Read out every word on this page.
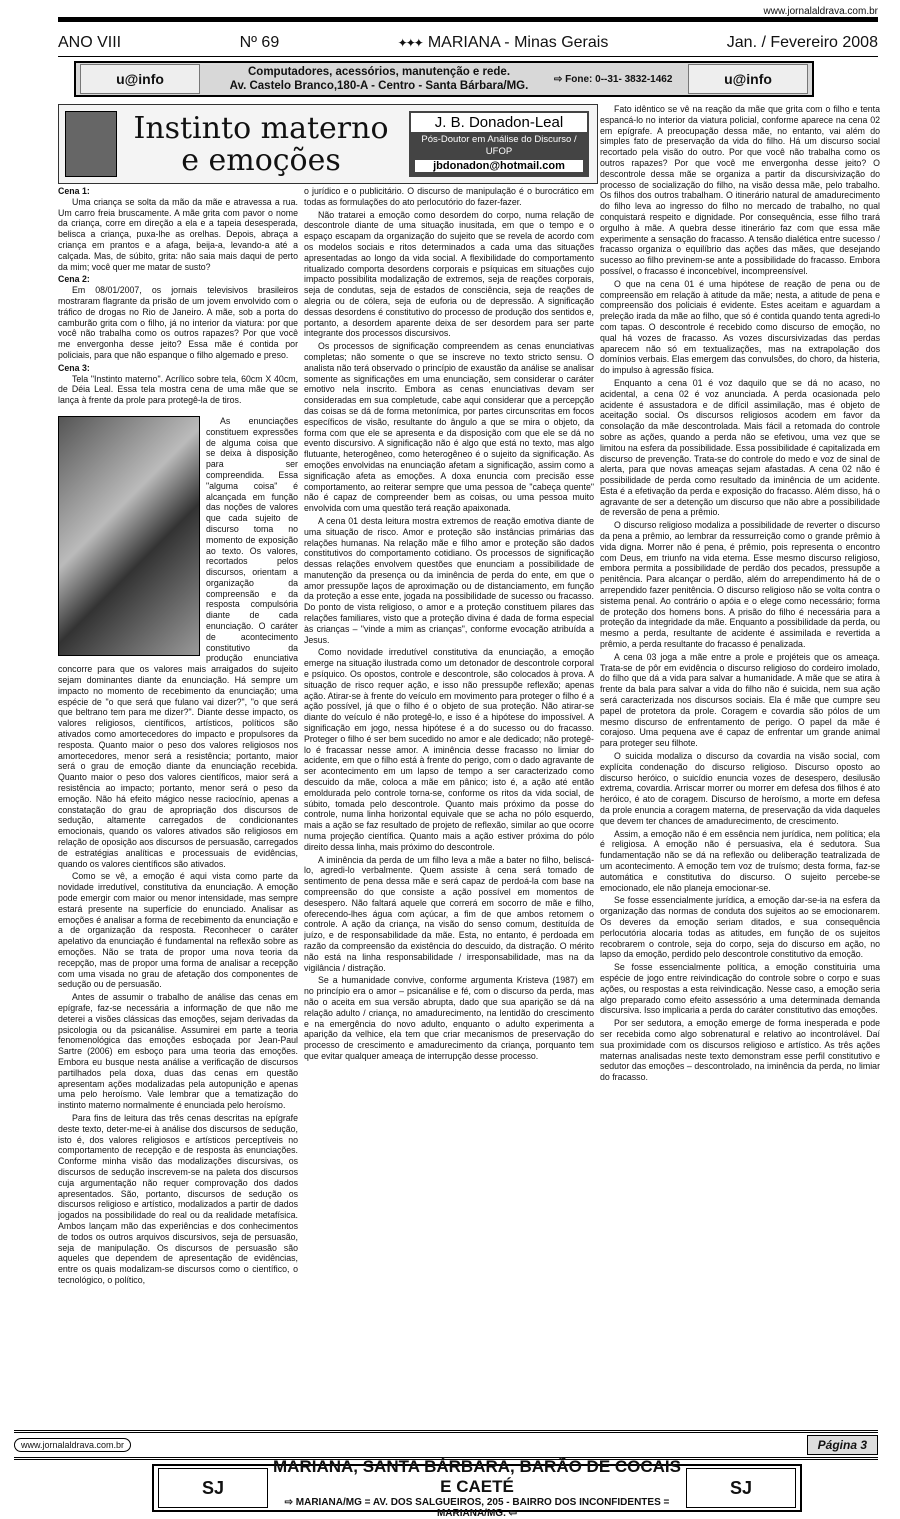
www.jornalaldrava.com.br
ANO VIII	Nº 69	✦✦✦ MARIANA - Minas Gerais	Jan. / Fevereiro 2008
u@info	Computadores, acessórios, manutenção e rede.
Av. Castelo Branco,180-A - Centro - Santa Bárbara/MG.
⇨ Fone: 0--31- 3832-1462	u@info
Instinto materno e emoções
J. B. Donadon-Leal
Pós-Doutor em Análise do Discurso / UFOP
jbdonadon@hotmail.com

Cena 1:

Uma criança se solta da mão da mãe e atravessa a rua. Um carro freia bruscamente. A mãe grita com pavor o nome da criança, corre em direção a ela e a tapeia desesperada, belisca a criança, puxa-lhe as orelhas. Depois, abraça a criança em prantos e a afaga, beija-a, levando-a até a calçada. Mas, de súbito, grita: não saia mais daqui de perto da mim; você quer me matar de susto?

Cena 2:

Em 08/01/2007, os jornais televisivos brasileiros mostraram flagrante da prisão de um jovem envolvido com o tráfico de drogas no Rio de Janeiro. A mãe, sob a porta do camburão grita com o filho, já no interior da viatura: por que você não trabalha como os outros rapazes? Por que você me envergonha desse jeito? Essa mãe é contida por policiais, para que não espanque o filho algemado e preso.

Cena 3:

Tela "Instinto materno". Acrílico sobre tela, 60cm X 40cm, de Déia Leal. Essa tela mostra cena de uma mãe que se lança à frente da prole para protegê-la de tiros.

As enunciações constituem expressões de alguma coisa que se deixa à disposição para ser compreendida. Essa "alguma coisa" é alcançada em função das noções de valores que cada sujeito de discurso toma no momento de exposição ao texto. Os valores, recortados pelos discursos, orientam a organização da compreensão e da resposta compulsória diante de cada enunciação. O caráter de acontecimento constitutivo da produção enunciativa concorre para que os valores mais arraigados do sujeito sejam dominantes diante da enunciação. Há sempre um impacto no momento de recebimento da enunciação; uma espécie de "o que será que fulano vai dizer?", "o que será que beltrano tem para me dizer?". Diante desse impacto, os valores religiosos, científicos, artísticos, políticos são ativados como amortecedores do impacto e propulsores da resposta. Quanto maior o peso dos valores religiosos nos amortecedores, menor será a resistência; portanto, maior será o grau de emoção diante da enunciação recebida. Quanto maior o peso dos valores científicos, maior será a resistência ao impacto; portanto, menor será o peso da emoção. Não há efeito mágico nesse raciocínio, apenas a constatação do grau de apropriação dos discursos de sedução, altamente carregados de condicionantes emocionais, quando os valores ativados são religiosos em relação de oposição aos discursos de persuasão, carregados de estratégias analíticas e processuais de evidências, quando os valores científicos são ativados.

Como se vê, a emoção é aqui vista como parte da novidade irredutível, constitutiva da enunciação. A emoção pode emergir com maior ou menor intensidade, mas sempre estará presente na superfície do enunciado. Analisar as emoções é analisar a forma de recebimento da enunciação e a de organização da resposta. Reconhecer o caráter apelativo da enunciação é fundamental na reflexão sobre as emoções. Não se trata de propor uma nova teoria da recepção, mas de propor uma forma de analisar a recepção com uma visada no grau de afetação dos componentes de sedução ou de persuasão.

Antes de assumir o trabalho de análise das cenas em epígrafe, faz-se necessária a informação de que não me deterei a visões clássicas das emoções, sejam derivadas da psicologia ou da psicanálise. Assumirei em parte a teoria fenomenológica das emoções esboçada por Jean-Paul Sartre (2006) em esboço para uma teoria das emoções. Embora eu busque nesta análise a verificação de discursos partilhados pela doxa, duas das cenas em questão apresentam ações modalizadas pela autopunição e apenas uma pelo heroísmo. Vale lembrar que a tematização do instinto materno normalmente é enunciada pelo heroísmo.

Para fins de leitura das três cenas descritas na epígrafe deste texto, deter-me-ei à análise dos discursos de sedução, isto é, dos valores religiosos e artísticos perceptíveis no comportamento de recepção e de resposta às enunciações. Conforme minha visão das modalizações discursivas, os discursos de sedução inscrevem-se na paleta dos discursos cuja argumentação não requer comprovação dos dados apresentados. São, portanto, discursos de sedução os discursos religioso e artístico, modalizados a partir de dados jogados na possibilidade do real ou da realidade metafísica. Ambos lançam mão das experiências e dos conhecimentos de todos os outros arquivos discursivos, seja de persuasão, seja de manipulação. Os discursos de persuasão são aqueles que dependem de apresentação de evidências, entre os quais modalizam-se discursos como o científico, o tecnológico, o político,

o jurídico e o publicitário. O discurso de manipulação é o burocrático em todas as formulações do ato perlocutório do fazer-fazer.

Não tratarei a emoção como desordem do corpo, numa relação de descontrole diante de uma situação inusitada, em que o tempo e o espaço escapam da organização do sujeito que se revela de acordo com os modelos sociais e ritos determinados a cada uma das situações apresentadas ao longo da vida social. A flexibilidade do comportamento ritualizado comporta desordens corporais e psíquicas em situações cujo impacto possibilita modalização de extremos, seja de reações corporais, seja de condutas, seja de estados de consciência, seja de reações de alegria ou de cólera, seja de euforia ou de depressão. A significação dessas desordens é constitutivo do processo de produção dos sentidos e, portanto, a desordem aparente deixa de ser desordem para ser parte integrante dos processos discursivos.

Os processos de significação compreendem as cenas enunciativas completas; não somente o que se inscreve no texto stricto sensu. O analista não terá observado o princípio de exaustão da análise se analisar somente as significações em uma enunciação, sem considerar o caráter emotivo nela inscrito. Embora as cenas enunciativas devam ser consideradas em sua completude, cabe aqui considerar que a percepção das coisas se dá de forma metonímica, por partes circunscritas em focos específicos de visão, resultante do ângulo a que se mira o objeto, da forma com que ele se apresenta e da disposição com que ele se dá no evento discursivo. A significação não é algo que está no texto, mas algo flutuante, heterogêneo, como heterogêneo é o sujeito da significação. As emoções envolvidas na enunciação afetam a significação, assim como a significação afeta as emoções. A doxa enuncia com precisão esse comportamento, ao reiterar sempre que uma pessoa de "cabeça quente" não é capaz de compreender bem as coisas, ou uma pessoa muito envolvida com uma questão terá reação apaixonada.

A cena 01 desta leitura mostra extremos de reação emotiva diante de uma situação de risco. Amor e proteção são instâncias primárias das relações humanas. Na relação mãe e filho amor e proteção são dados constitutivos do comportamento cotidiano. Os processos de significação dessas relações envolvem questões que enunciam a possibilidade de manutenção da presença ou da iminência de perda do ente, em que o amor pressupõe laços de aproximação ou de distanciamento, em função da proteção a esse ente, jogada na possibilidade de sucesso ou fracasso. Do ponto de vista religioso, o amor e a proteção constituem pilares das relações familiares, visto que a proteção divina é dada de forma especial às crianças – "vinde a mim as crianças", conforme evocação atribuída a Jesus.

Como novidade irredutível constitutiva da enunciação, a emoção emerge na situação ilustrada como um detonador de descontrole corporal e psíquico. Os opostos, controle e descontrole, são colocados à prova. A situação de risco requer ação, e isso não pressupõe reflexão; apenas ação. Atirar-se à frente do veículo em movimento para proteger o filho é a ação possível, já que o filho é o objeto de sua proteção. Não atirar-se diante do veículo é não protegê-lo, e isso é a hipótese do impossível. A significação em jogo, nessa hipótese é a do sucesso ou do fracasso. Proteger o filho é ser bem sucedido no amor e ale dedicado; não protegê-lo é fracassar nesse amor. A iminência desse fracasso no limiar do acidente, em que o filho está à frente do perigo, com o dado agravante de ser acontecimento em um lapso de tempo a ser caracterizado como descuido da mãe, coloca a mãe em pânico; isto é, a ação até então emoldurada pelo controle torna-se, conforme os ritos da vida social, de súbito, tomada pelo descontrole. Quanto mais próximo da posse do controle, numa linha horizontal equivale que se acha no pólo esquerdo, mais a ação se faz resultado de projeto de reflexão, similar ao que ocorre numa projeção científica. Quanto mais a ação estiver próxima do pólo direito dessa linha, mais próximo do descontrole.

A iminência da perda de um filho leva a mãe a bater no filho, beliscá-lo, agredi-lo verbalmente. Quem assiste à cena será tomado de sentimento de pena dessa mãe e será capaz de perdoá-la com base na compreensão do que consiste a ação possível em momentos de desespero. Não faltará aquele que correrá em socorro de mãe e filho, oferecendo-lhes água com açúcar, a fim de que ambos retomem o controle. A ação da criança, na visão do senso comum, destituída de juízo, e de responsabilidade da mãe. Esta, no entanto, é perdoada em razão da compreensão da existência do descuido, da distração. O mérito não está na linha responsabilidade / irresponsabilidade, mas na da vigilância / distração.

Se a humanidade convive, conforme argumenta Kristeva (1987) em no princípio era o amor – psicanálise e fé, com o discurso da perda, mas não o aceita em sua versão abrupta, dado que sua aparição se dá na relação adulto / criança, no amadurecimento, na lentidão do crescimento e na emergência do novo adulto, enquanto o adulto experimenta a aparição da velhice, ela tem que criar mecanismos de preservação do processo de crescimento e amadurecimento da criança, porquanto tem que evitar qualquer ameaça de interrupção desse processo.

Fato idêntico se vê na reação da mãe que grita com o filho e tenta espancá-lo no interior da viatura policial, conforme aparece na cena 02 em epígrafe. A preocupação dessa mãe, no entanto, vai além do simples fato de preservação da vida do filho. Há um discurso social recortado pela visão do outro. Por que você não trabalha como os outros rapazes? Por que você me envergonha desse jeito? O descontrole dessa mãe se organiza a partir da discursivização do processo de socialização do filho, na visão dessa mãe, pelo trabalho. Os filhos dos outros trabalham. O itinerário natural de amadurecimento do filho leva ao ingresso do filho no mercado de trabalho, no qual conquistará respeito e dignidade. Por consequência, esse filho trará orgulho à mãe. A quebra desse itinerário faz com que essa mãe experimente a sensação do fracasso. A tensão dialética entre sucesso / fracasso organiza o equilíbrio das ações das mães, que desejando sucesso ao filho previnem-se ante a possibilidade do fracasso. Embora possível, o fracasso é inconcebível, incompreensível.

O que na cena 01 é uma hipótese de reação de pena ou de compreensão em relação à atitude da mãe; nesta, a atitude de pena e compreensão dos policiais é evidente. Estes aceitam e aguardam a preleção irada da mãe ao filho, que só é contida quando tenta agredi-lo com tapas. O descontrole é recebido como discurso de emoção, no qual há vozes de fracasso. As vozes discursivizadas das perdas aparecem não só em textualizações, mas na extrapolação dos domínios verbais. Elas emergem das convulsões, do choro, da histeria, do impulso à agressão física.

Enquanto a cena 01 é voz daquilo que se dá no acaso, no acidental, a cena 02 é voz anunciada. A perda ocasionada pelo acidente é assustadora e de difícil assimilação, mas é objeto de aceitação social. Os discursos religiosos acodem em favor da consolação da mãe descontrolada. Mais fácil a retomada do controle sobre as ações, quando a perda não se efetivou, uma vez que se limitou na esfera da possibilidade. Essa possibilidade é capitalizada em discurso de prevenção. Trata-se do controle do medo e voz de sinal de alerta, para que novas ameaças sejam afastadas. A cena 02 não é possibilidade de perda como resultado da iminência de um acidente. Esta é a efetivação da perda e exposição do fracasso. Além disso, há o agravante de ser a detenção um discurso que não abre a possibilidade de reversão de pena a prêmio.

O discurso religioso modaliza a possibilidade de reverter o discurso da pena a prêmio, ao lembrar da ressurreição como o grande prêmio à vida digna. Morrer não é pena, é prêmio, pois representa o encontro com Deus, em triunfo na vida eterna. Esse mesmo discurso religioso, embora permita a possibilidade de perdão dos pecados, pressupõe a penitência. Para alcançar o perdão, além do arrependimento há de o arrependido fazer penitência. O discurso religioso não se volta contra o sistema penal. Ao contrário o apóia e o elege como necessário; forma de proteção dos homens bons. A prisão do filho é necessária para a proteção da integridade da mãe. Enquanto a possibilidade da perda, ou mesmo a perda, resultante de acidente é assimilada e revertida a prêmio, a perda resultante do fracasso é penalizada.

A cena 03 joga a mãe entre a prole e projéteis que os ameaça. Trata-se de pôr em evidência o discurso religioso do cordeiro imolado, do filho que dá a vida para salvar a humanidade. A mãe que se atira à frente da bala para salvar a vida do filho não é suicida, nem sua ação será caracterizada nos discursos sociais. Ela é mãe que cumpre seu papel de protetora da prole. Coragem e covardia são pólos de um mesmo discurso de enfrentamento de perigo. O papel da mãe é corajoso. Uma pequena ave é capaz de enfrentar um grande animal para proteger seu filhote.

O suicida modaliza o discurso da covardia na visão social, com explícita condenação do discurso religioso. Discurso oposto ao discurso heróico, o suicídio enuncia vozes de desespero, desilusão extrema, covardia. Arriscar morrer ou morrer em defesa dos filhos é ato heróico, é ato de coragem. Discurso de heroísmo, a morte em defesa da prole enuncia a coragem materna, de preservação da vida daqueles que devem ter chances de amadurecimento, de crescimento.

Assim, a emoção não é em essência nem jurídica, nem política; ela é religiosa. A emoção não é persuasiva, ela é sedutora. Sua fundamentação não se dá na reflexão ou deliberação teatralizada de um acontecimento. A emoção tem voz de truísmo; desta forma, faz-se automática e constitutiva do discurso. O sujeito percebe-se emocionado, ele não planeja emocionar-se.

Se fosse essencialmente jurídica, a emoção dar-se-ia na esfera da organização das normas de conduta dos sujeitos ao se emocionarem. Os deveres da emoção seriam ditados, e sua consequência perlocutória alocaria todas as atitudes, em função de os sujeitos recobrarem o controle, seja do corpo, seja do discurso em ação, no lapso da emoção, perdido pelo descontrole constitutivo da emoção.

Se fosse essencialmente política, a emoção constituiria uma espécie de jogo entre reivindicação do controle sobre o corpo e suas ações, ou respostas a esta reivindicação. Nesse caso, a emoção seria algo preparado como efeito assessório a uma determinada demanda discursiva. Isso implicaria a perda do caráter constitutivo das emoções.

Por ser sedutora, a emoção emerge de forma inesperada e pode ser recebida como algo sobrenatural e relativo ao incontrolável. Daí sua proximidade com os discursos religioso e artístico. As três ações maternas analisadas neste texto demonstram esse perfil constitutivo e sedutor das emoções – descontrolado, na iminência da perda, no limiar do fracasso.

www.jornalaldrava.com.br	Página 3
SJ
MARIANA, SANTA BÁRBARA, BARÃO DE COCAIS E CAETÉ
⇨ MARIANA/MG = AV. DOS SALGUEIROS, 205 - BAIRRO DOS INCONFIDENTES = MARIANA/MG. ⇦
SJ
